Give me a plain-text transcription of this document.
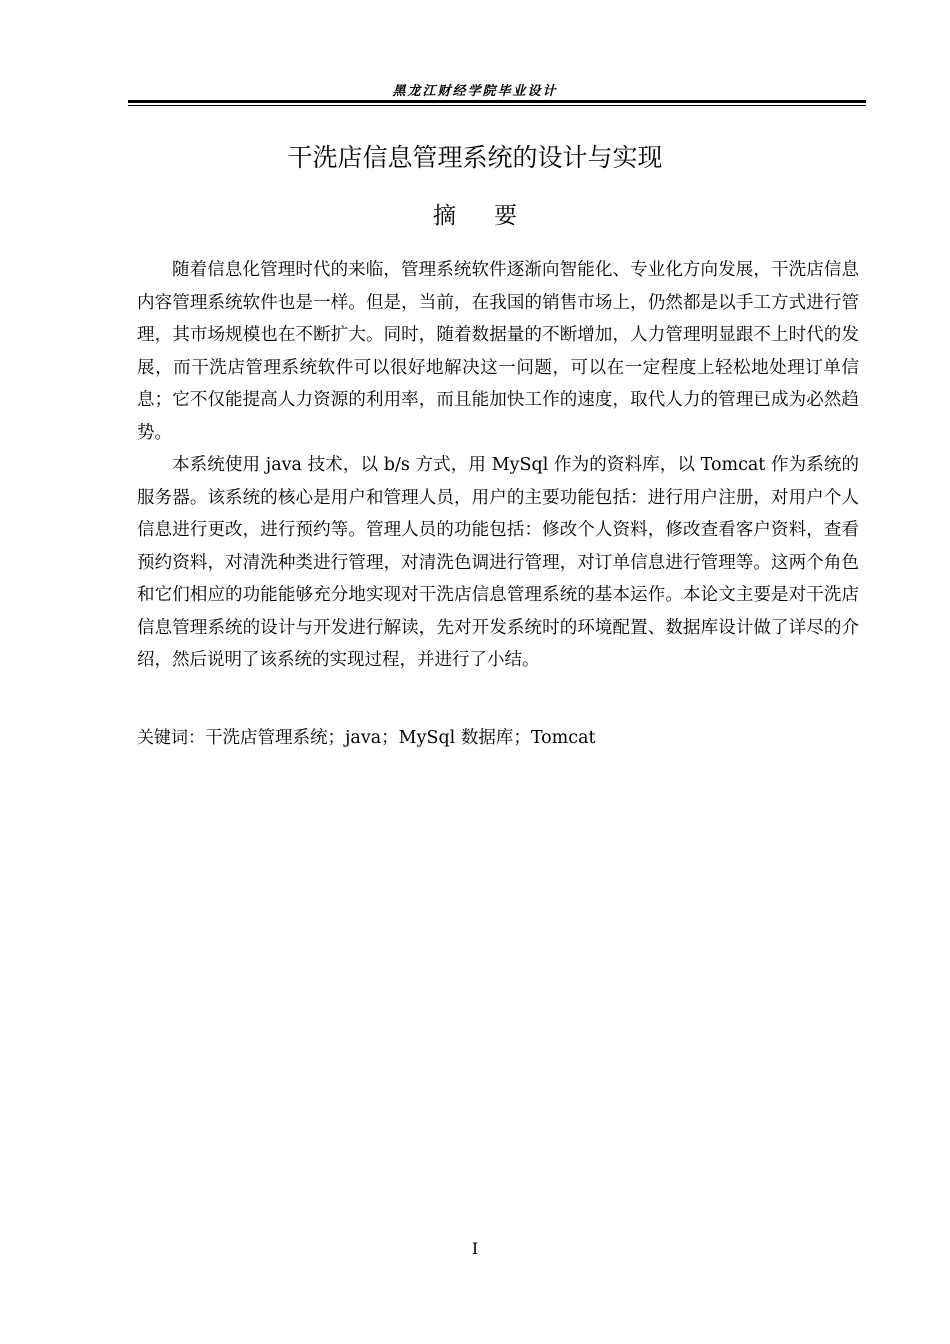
黑龙江财经学院毕业设计
干洗店信息管理系统的设计与实现
摘要

随着信息化管理时代的来临，管理系统软件逐渐向智能化、专业化方向发展，干洗店信息内容管理系统软件也是一样。但是，当前，在我国的销售市场上，仍然都是以手工方式进行管理，其市场规模也在不断扩大。同时，随着数据量的不断增加，人力管理明显跟不上时代的发展，而干洗店管理系统软件可以很好地解决这一问题，可以在一定程度上轻松地处理订单信息；它不仅能提高人力资源的利用率，而且能加快工作的速度，取代人力的管理已成为必然趋势。

本系统使用 java 技术，以 b/s 方式，用 MySql 作为的资料库，以 Tomcat 作为系统的服务器。该系统的核心是用户和管理人员，用户的主要功能包括：进行用户注册，对用户个人信息进行更改，进行预约等。管理人员的功能包括：修改个人资料，修改查看客户资料，查看预约资料，对清洗种类进行管理，对清洗色调进行管理，对订单信息进行管理等。这两个角色和它们相应的功能能够充分地实现对干洗店信息管理系统的基本运作。本论文主要是对干洗店信息管理系统的设计与开发进行解读，先对开发系统时的环境配置、数据库设计做了详尽的介绍，然后说明了该系统的实现过程，并进行了小结。

关键词：干洗店管理系统；java；MySql 数据库；Tomcat
I
